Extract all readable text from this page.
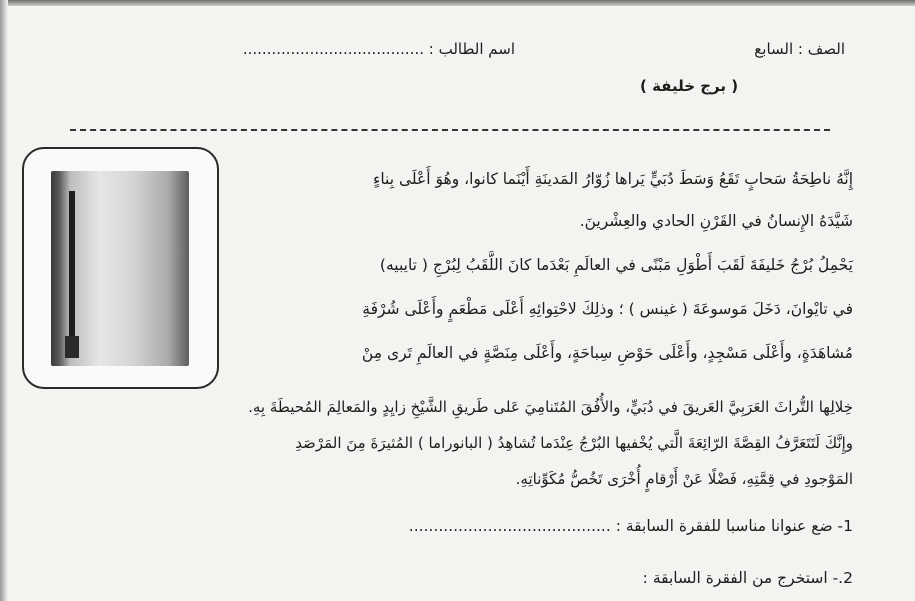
الصف : السابع
اسم الطالب : ......................................
( برج خليفة )
إِنَّهُ ناطِحَةُ سَحابٍ تَقَعُ وَسَطَ دُبَيٍّ يَراها زُوّارُ المَدينَةِ أَيْنَما كانوا، وهُوَ أَعْلَى بِناءٍ
شَيَّدَهُ الإِنسانُ في القَرْنِ الحادي والعِشْرينَ.
يَحْمِلُ بُرْجُ خَليفَةَ لَقَبَ أَطْوَلِ مَبْنًى في العالَمِ بَعْدَما كانَ اللَّقَبُ لِبُرْجِ ( تايبيه)
في تايْوانَ، دَخَلَ مَوسوعَةَ ( غينس ) ؛ وذلِكَ لاحْتِوائِهِ أَعْلَى مَطْعَمٍ وأَعْلَى شُرْفَةِ
مُشاهَدَةٍ، وأَعْلَى مَسْجِدٍ، وأَعْلَى حَوْضِ سِباحَةٍ، وأَعْلَى مِنَصَّةٍ في العالَمِ تَرى مِنْ
خِلالِها التُّراثَ العَرَبِيَّ العَريقَ في دُبَيٍّ، والأُفُقَ المُتَنامِيَ عَلى طَريقِ الشَّيْخِ زايِدٍ والمَعالِمَ المُحيطَةَ بِهِ.
وإِنَّكَ لَتَتَعَرَّفُ القِصَّةَ الرّائِعَةَ الَّتي يُخْفيها البُرْجُ عِنْدَما تُشاهِدُ ( البانوراما ) المُثيرَةَ مِنَ المَرْصَدِ
المَوْجودِ في قِمَّتِهِ، فَضْلًا عَنْ أَرْقامٍ أُخْرَى تَخُصُّ مُكَوِّناتِهِ.
1- ضع عنوانا مناسبا للفقرة السابقة : .........................................
2.- استخرج من الفقرة السابقة :
